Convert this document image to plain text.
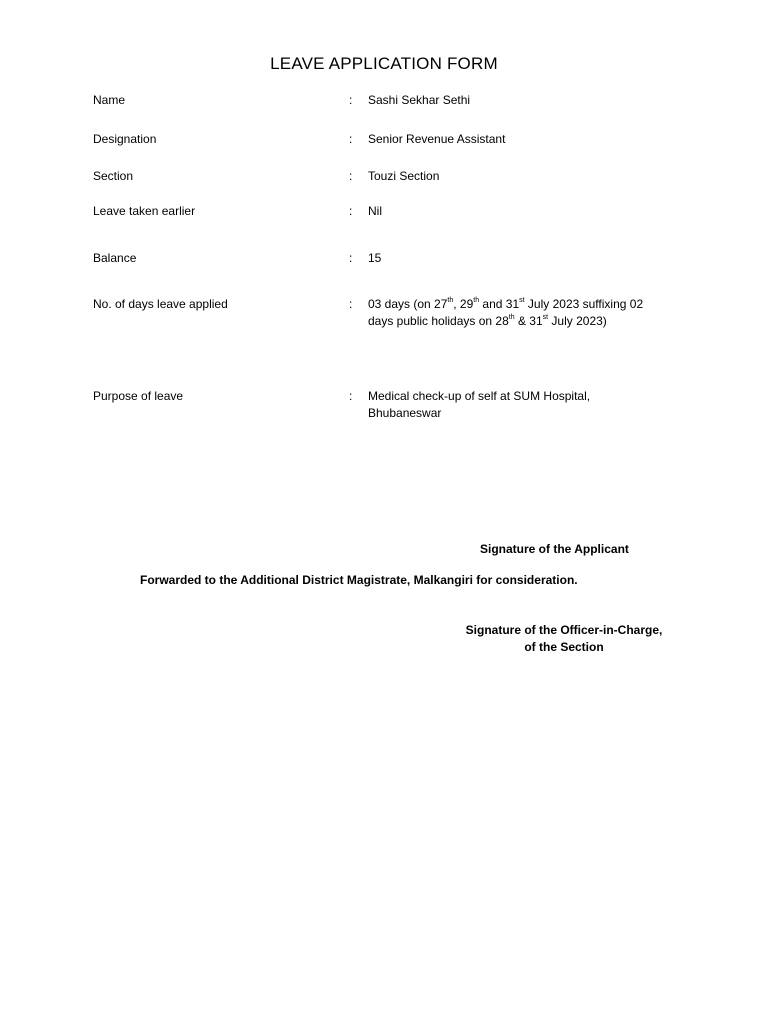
LEAVE APPLICATION FORM
Name	: Sashi Sekhar Sethi
Designation	: Senior Revenue Assistant
Section	: Touzi Section
Leave taken earlier	: Nil
Balance	: 15
No. of days leave applied	: 03 days (on 27th, 29th and 31st July 2023 suffixing 02 days public holidays on 28th & 31st July 2023)
Purpose of leave	: Medical check-up of self at SUM Hospital, Bhubaneswar
Signature of the Applicant
Forwarded to the Additional District Magistrate, Malkangiri for consideration.
Signature of the Officer-in-Charge,
of the Section
